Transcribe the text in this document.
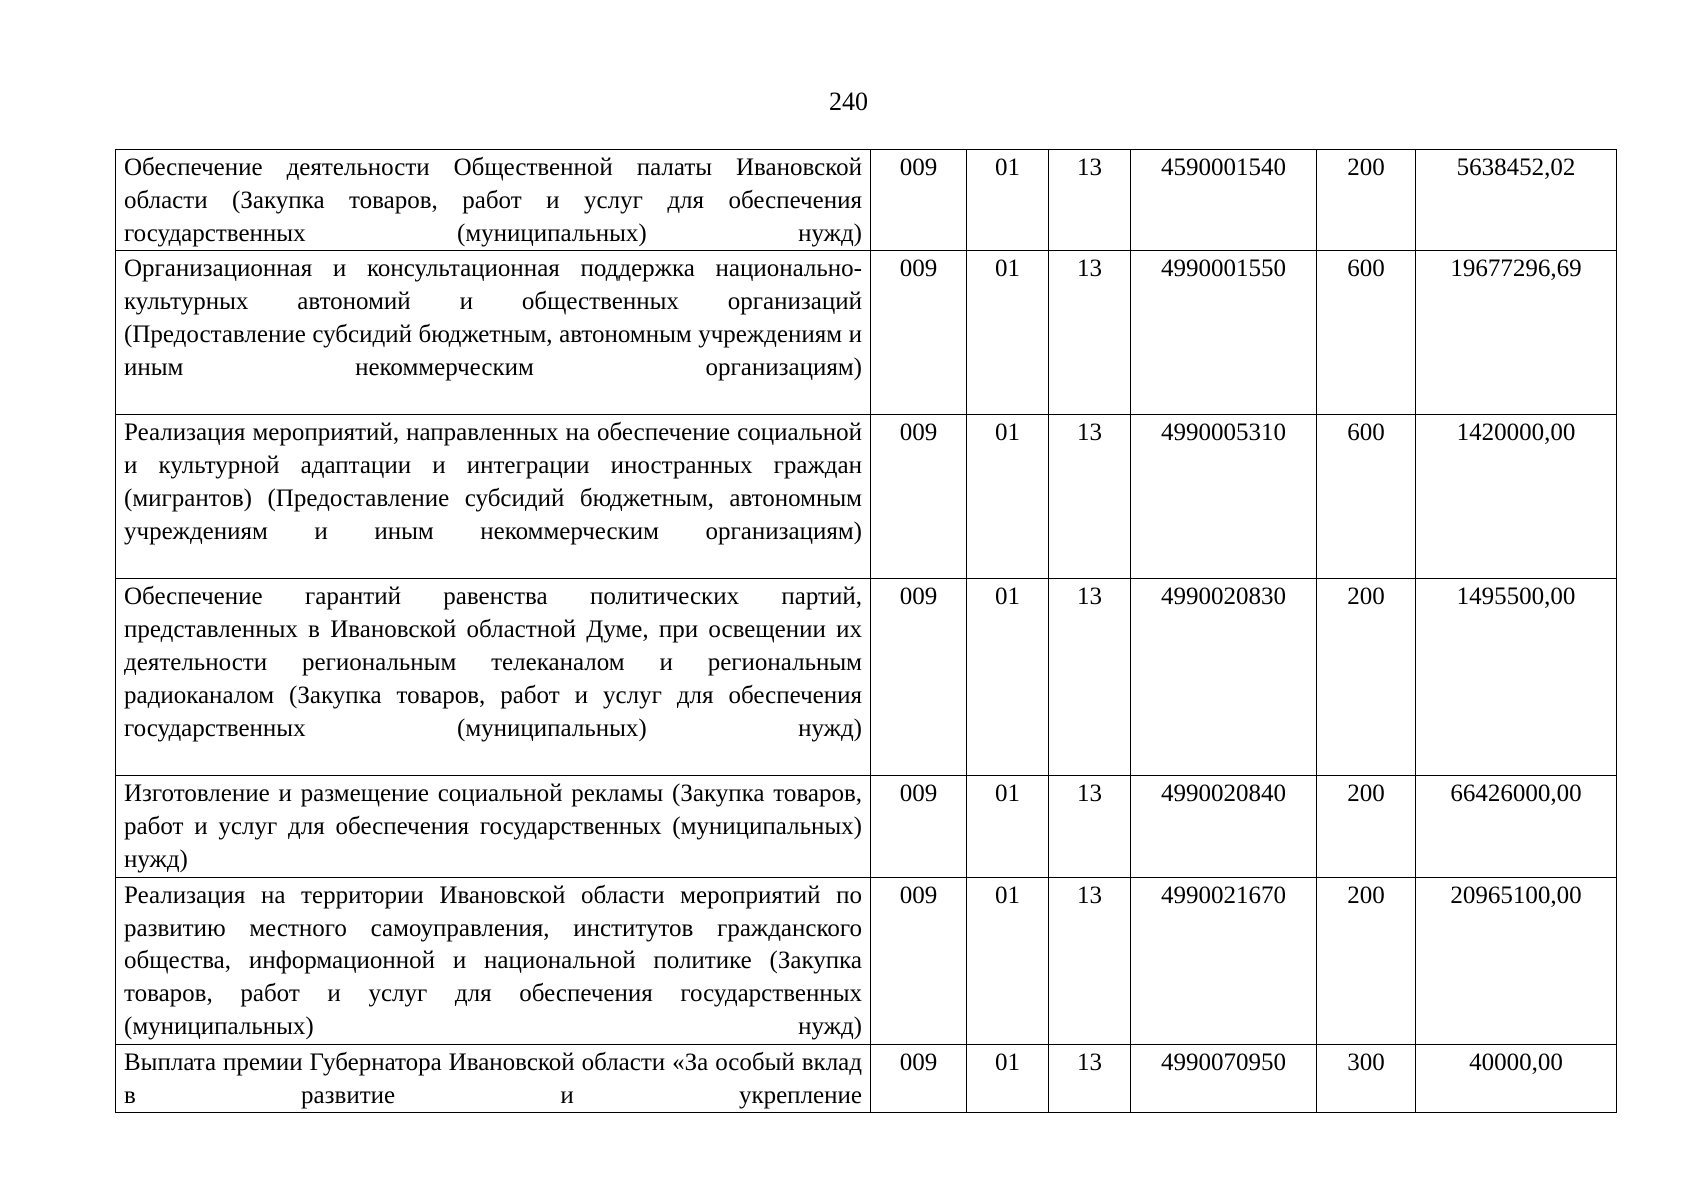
240
Обеспечение деятельности Общественной палаты Ивановской области (Закупка товаров, работ и услуг для обеспечения государственных (муниципальных) нужд)	009	01	13	4590001540	200	5638452,02

Организационная и консультационная поддержка национально-культурных автономий и общественных организаций (Предоставление субсидий бюджетным, автономным учреждениям и иным некоммерческим организациям)	009	01	13	4990001550	600	19677296,69

Реализация мероприятий, направленных на обеспечение социальной и культурной адаптации и интеграции иностранных граждан (мигрантов) (Предоставление субсидий бюджетным, автономным учреждениям и иным некоммерческим организациям)	009	01	13	4990005310	600	1420000,00

Обеспечение гарантий равенства политических партий, представленных в Ивановской областной Думе, при освещении их деятельности региональным телеканалом и региональным радиоканалом (Закупка товаров, работ и услуг для обеспечения государственных (муниципальных) нужд)	009	01	13	4990020830	200	1495500,00

Изготовление и размещение социальной рекламы (Закупка товаров, работ и услуг для обеспечения государственных (муниципальных) нужд)	009	01	13	4990020840	200	66426000,00

Реализация на территории Ивановской области мероприятий по развитию местного самоуправления, институтов гражданского общества, информационной и национальной политике (Закупка товаров, работ и услуг для обеспечения государственных (муниципальных) нужд)	009	01	13	4990021670	200	20965100,00

Выплата премии Губернатора Ивановской области «За особый вклад в развитие и укрепление	009	01	13	4990070950	300	40000,00
